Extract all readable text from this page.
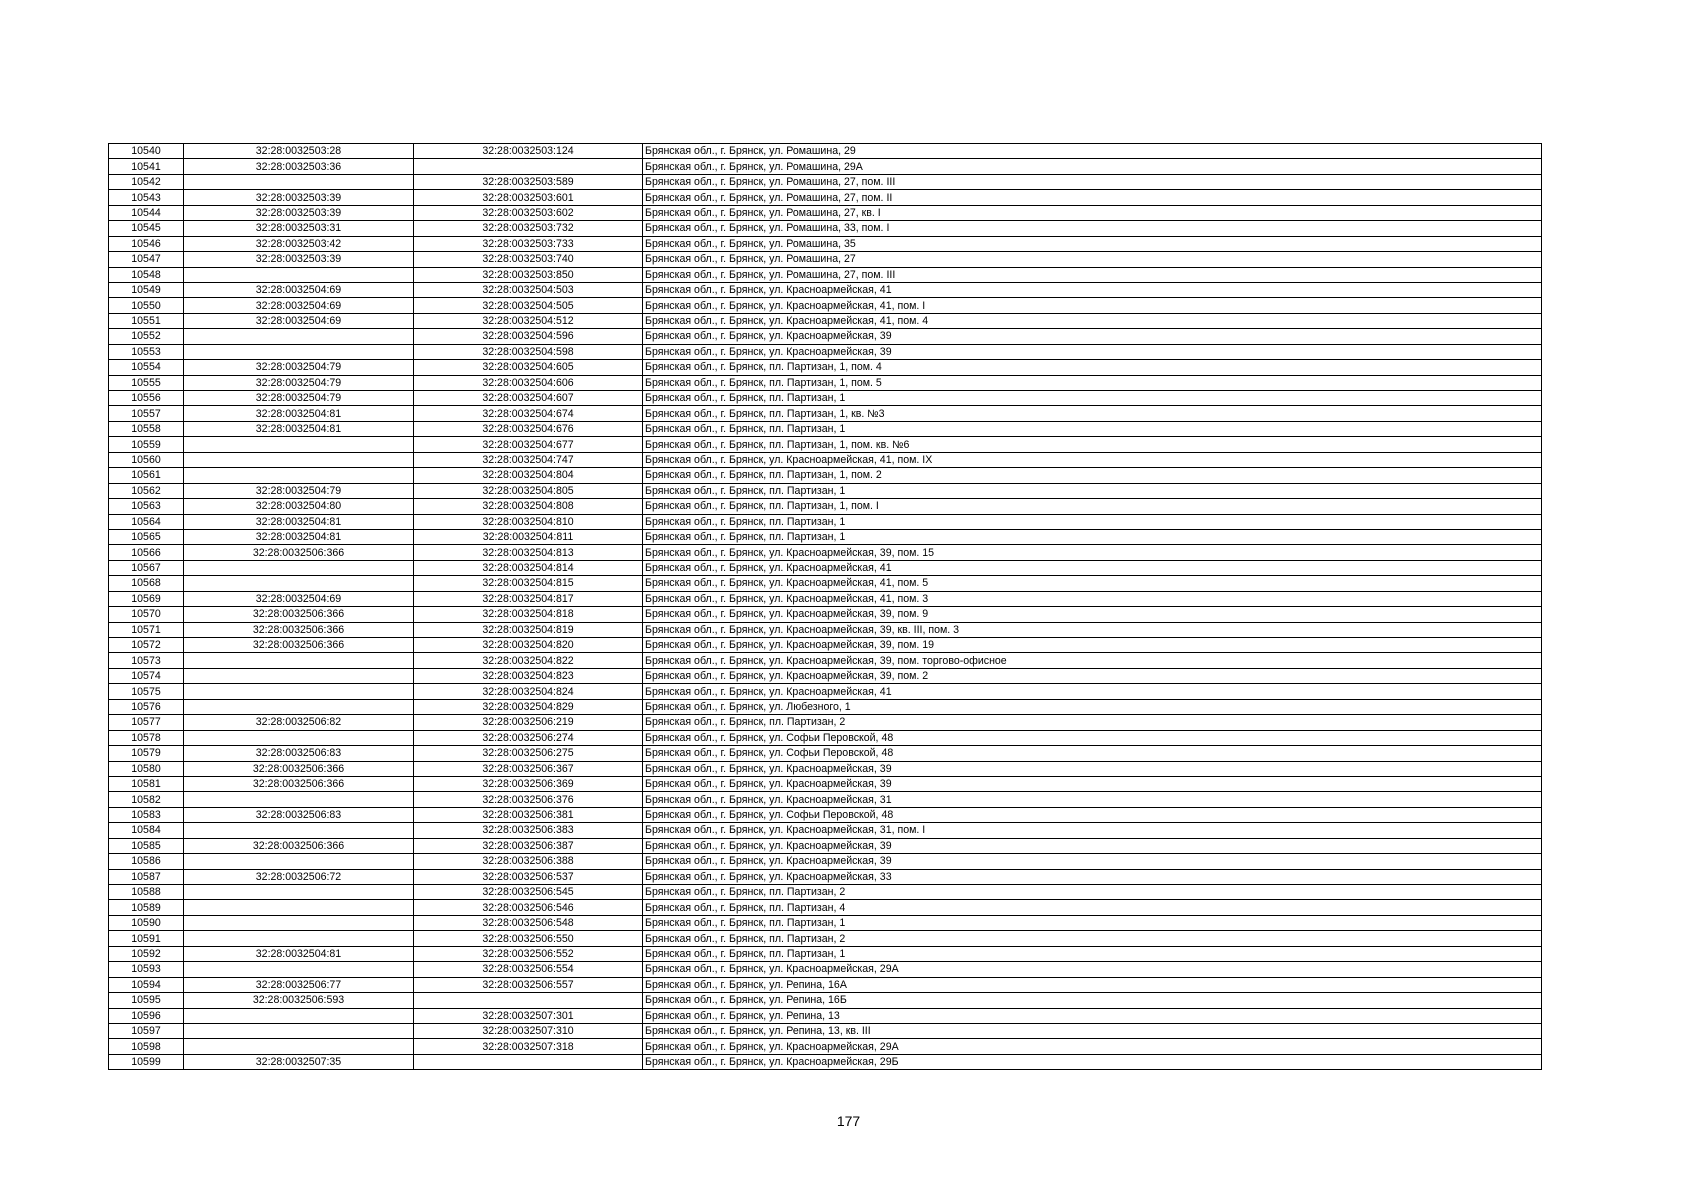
10540	32:28:0032503:28	32:28:0032503:124	Брянская обл., г. Брянск, ул. Ромашина, 29
10541	32:28:0032503:36		Брянская обл., г. Брянск, ул. Ромашина, 29А
10542		32:28:0032503:589	Брянская обл., г. Брянск, ул. Ромашина, 27, пом. III
10543	32:28:0032503:39	32:28:0032503:601	Брянская обл., г. Брянск, ул. Ромашина, 27, пом. II
10544	32:28:0032503:39	32:28:0032503:602	Брянская обл., г. Брянск, ул. Ромашина, 27, кв. I
10545	32:28:0032503:31	32:28:0032503:732	Брянская обл., г. Брянск, ул. Ромашина, 33, пом. I
10546	32:28:0032503:42	32:28:0032503:733	Брянская обл., г. Брянск, ул. Ромашина, 35
10547	32:28:0032503:39	32:28:0032503:740	Брянская обл., г. Брянск, ул. Ромашина, 27
10548		32:28:0032503:850	Брянская обл., г. Брянск, ул. Ромашина, 27, пом. III
10549	32:28:0032504:69	32:28:0032504:503	Брянская обл., г. Брянск, ул. Красноармейская, 41
10550	32:28:0032504:69	32:28:0032504:505	Брянская обл., г. Брянск, ул. Красноармейская, 41, пом. I
10551	32:28:0032504:69	32:28:0032504:512	Брянская обл., г. Брянск, ул. Красноармейская, 41, пом. 4
10552		32:28:0032504:596	Брянская обл., г. Брянск, ул. Красноармейская, 39
10553		32:28:0032504:598	Брянская обл., г. Брянск, ул. Красноармейская, 39
10554	32:28:0032504:79	32:28:0032504:605	Брянская обл., г. Брянск, пл. Партизан, 1, пом. 4
10555	32:28:0032504:79	32:28:0032504:606	Брянская обл., г. Брянск, пл. Партизан, 1, пом. 5
10556	32:28:0032504:79	32:28:0032504:607	Брянская обл., г. Брянск, пл. Партизан, 1
10557	32:28:0032504:81	32:28:0032504:674	Брянская обл., г. Брянск, пл. Партизан, 1, кв. №3
10558	32:28:0032504:81	32:28:0032504:676	Брянская обл., г. Брянск, пл. Партизан, 1
10559		32:28:0032504:677	Брянская обл., г. Брянск, пл. Партизан, 1, пом. кв. №6
10560		32:28:0032504:747	Брянская обл., г. Брянск, ул. Красноармейская, 41, пом. IX
10561		32:28:0032504:804	Брянская обл., г. Брянск, пл. Партизан, 1, пом. 2
10562	32:28:0032504:79	32:28:0032504:805	Брянская обл., г. Брянск, пл. Партизан, 1
10563	32:28:0032504:80	32:28:0032504:808	Брянская обл., г. Брянск, пл. Партизан, 1, пом. I
10564	32:28:0032504:81	32:28:0032504:810	Брянская обл., г. Брянск, пл. Партизан, 1
10565	32:28:0032504:81	32:28:0032504:811	Брянская обл., г. Брянск, пл. Партизан, 1
10566	32:28:0032506:366	32:28:0032504:813	Брянская обл., г. Брянск, ул. Красноармейская, 39, пом. 15
10567		32:28:0032504:814	Брянская обл., г. Брянск, ул. Красноармейская, 41
10568		32:28:0032504:815	Брянская обл., г. Брянск, ул. Красноармейская, 41, пом. 5
10569	32:28:0032504:69	32:28:0032504:817	Брянская обл., г. Брянск, ул. Красноармейская, 41, пом. 3
10570	32:28:0032506:366	32:28:0032504:818	Брянская обл., г. Брянск, ул. Красноармейская, 39, пом. 9
10571	32:28:0032506:366	32:28:0032504:819	Брянская обл., г. Брянск, ул. Красноармейская, 39, кв. III, пом. 3
10572	32:28:0032506:366	32:28:0032504:820	Брянская обл., г. Брянск, ул. Красноармейская, 39, пом. 19
10573		32:28:0032504:822	Брянская обл., г. Брянск, ул. Красноармейская, 39, пом. торгово-офисное
10574		32:28:0032504:823	Брянская обл., г. Брянск, ул. Красноармейская, 39, пом. 2
10575		32:28:0032504:824	Брянская обл., г. Брянск, ул. Красноармейская, 41
10576		32:28:0032504:829	Брянская обл., г. Брянск, ул. Любезного, 1
10577	32:28:0032506:82	32:28:0032506:219	Брянская обл., г. Брянск, пл. Партизан, 2
10578		32:28:0032506:274	Брянская обл., г. Брянск, ул. Софьи Перовской, 48
10579	32:28:0032506:83	32:28:0032506:275	Брянская обл., г. Брянск, ул. Софьи Перовской, 48
10580	32:28:0032506:366	32:28:0032506:367	Брянская обл., г. Брянск, ул. Красноармейская, 39
10581	32:28:0032506:366	32:28:0032506:369	Брянская обл., г. Брянск, ул. Красноармейская, 39
10582		32:28:0032506:376	Брянская обл., г. Брянск, ул. Красноармейская, 31
10583	32:28:0032506:83	32:28:0032506:381	Брянская обл., г. Брянск, ул. Софьи Перовской, 48
10584		32:28:0032506:383	Брянская обл., г. Брянск, ул. Красноармейская, 31, пом. I
10585	32:28:0032506:366	32:28:0032506:387	Брянская обл., г. Брянск, ул. Красноармейская, 39
10586		32:28:0032506:388	Брянская обл., г. Брянск, ул. Красноармейская, 39
10587	32:28:0032506:72	32:28:0032506:537	Брянская обл., г. Брянск, ул. Красноармейская, 33
10588		32:28:0032506:545	Брянская обл., г. Брянск, пл. Партизан, 2
10589		32:28:0032506:546	Брянская обл., г. Брянск, пл. Партизан, 4
10590		32:28:0032506:548	Брянская обл., г. Брянск, пл. Партизан, 1
10591		32:28:0032506:550	Брянская обл., г. Брянск, пл. Партизан, 2
10592	32:28:0032504:81	32:28:0032506:552	Брянская обл., г. Брянск, пл. Партизан, 1
10593		32:28:0032506:554	Брянская обл., г. Брянск, ул. Красноармейская, 29А
10594	32:28:0032506:77	32:28:0032506:557	Брянская обл., г. Брянск, ул. Репина, 16А
10595	32:28:0032506:593		Брянская обл., г. Брянск, ул. Репина, 16Б
10596		32:28:0032507:301	Брянская обл., г. Брянск, ул. Репина, 13
10597		32:28:0032507:310	Брянская обл., г. Брянск, ул. Репина, 13, кв. III
10598		32:28:0032507:318	Брянская обл., г. Брянск, ул. Красноармейская, 29А
10599	32:28:0032507:35		Брянская обл., г. Брянск, ул. Красноармейская, 29Б
177
